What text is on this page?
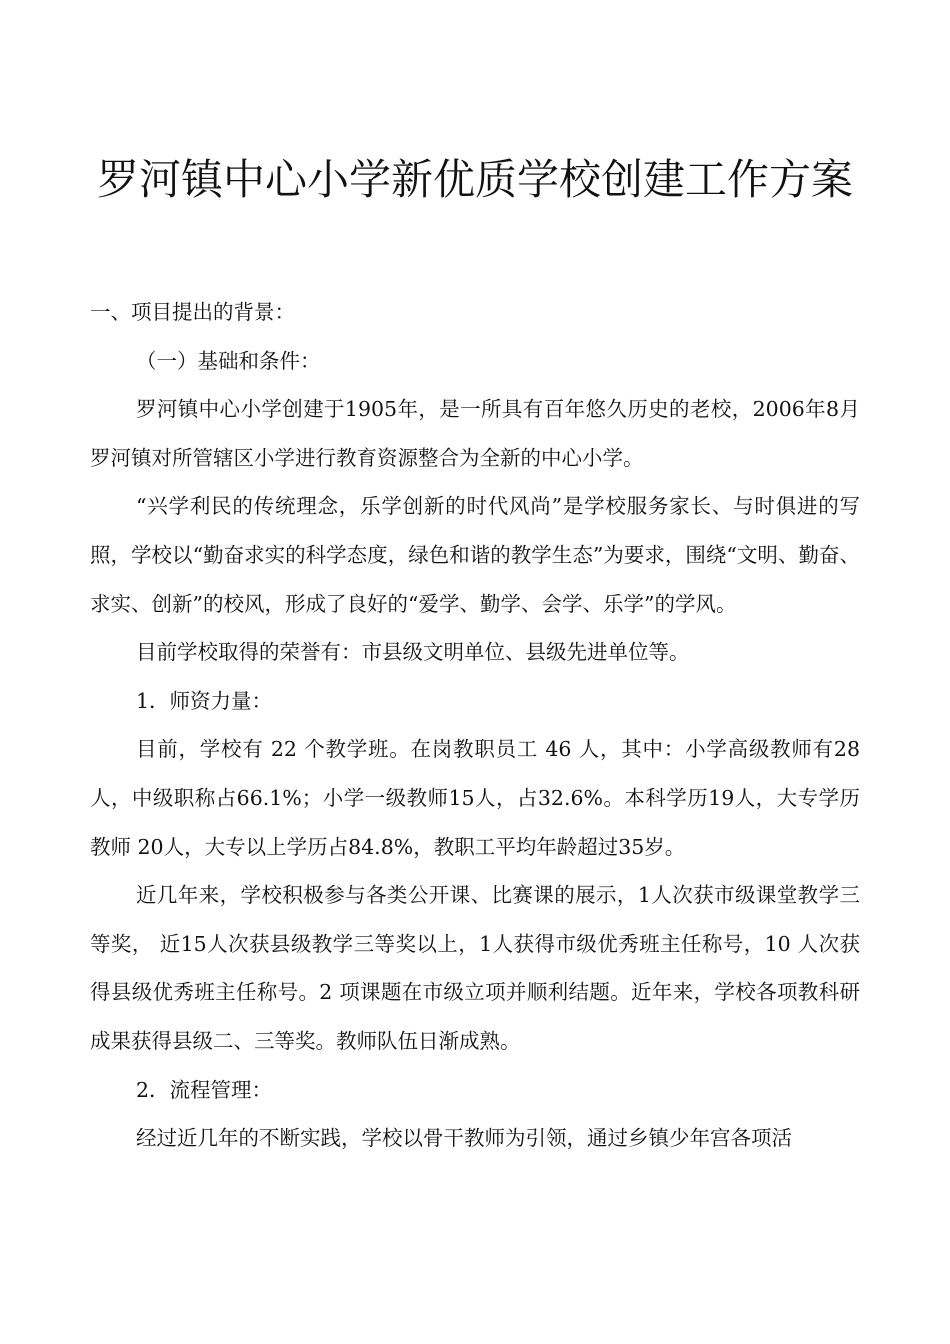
罗河镇中心小学新优质学校创建工作方案

一、项目提出的背景：

（一）基础和条件：

罗河镇中心小学创建于1905年，是一所具有百年悠久历史的老校，2006年8月罗河镇对所管辖区小学进行教育资源整合为全新的中心小学。

“兴学利民的传统理念，乐学创新的时代风尚”是学校服务家长、与时俱进的写照，学校以“勤奋求实的科学态度，绿色和谐的教学生态”为要求，围绕“文明、勤奋、求实、创新”的校风，形成了良好的“爱学、勤学、会学、乐学”的学风。

目前学校取得的荣誉有：市县级文明单位、县级先进单位等。

1．师资力量：

目前，学校有 22 个教学班。在岗教职员工 46 人，其中：小学高级教师有28人，中级职称占66.1%；小学一级教师15人，占32.6%。本科学历19人，大专学历教师 20人，大专以上学历占84.8%，教职工平均年龄超过35岁。

近几年来，学校积极参与各类公开课、比赛课的展示，1人次获市级课堂教学三等奖， 近15人次获县级教学三等奖以上，1人获得市级优秀班主任称号，10 人次获得县级优秀班主任称号。2 项课题在市级立项并顺利结题。近年来，学校各项教科研成果获得县级二、三等奖。教师队伍日渐成熟。

2．流程管理：

经过近几年的不断实践，学校以骨干教师为引领，通过乡镇少年宫各项活
